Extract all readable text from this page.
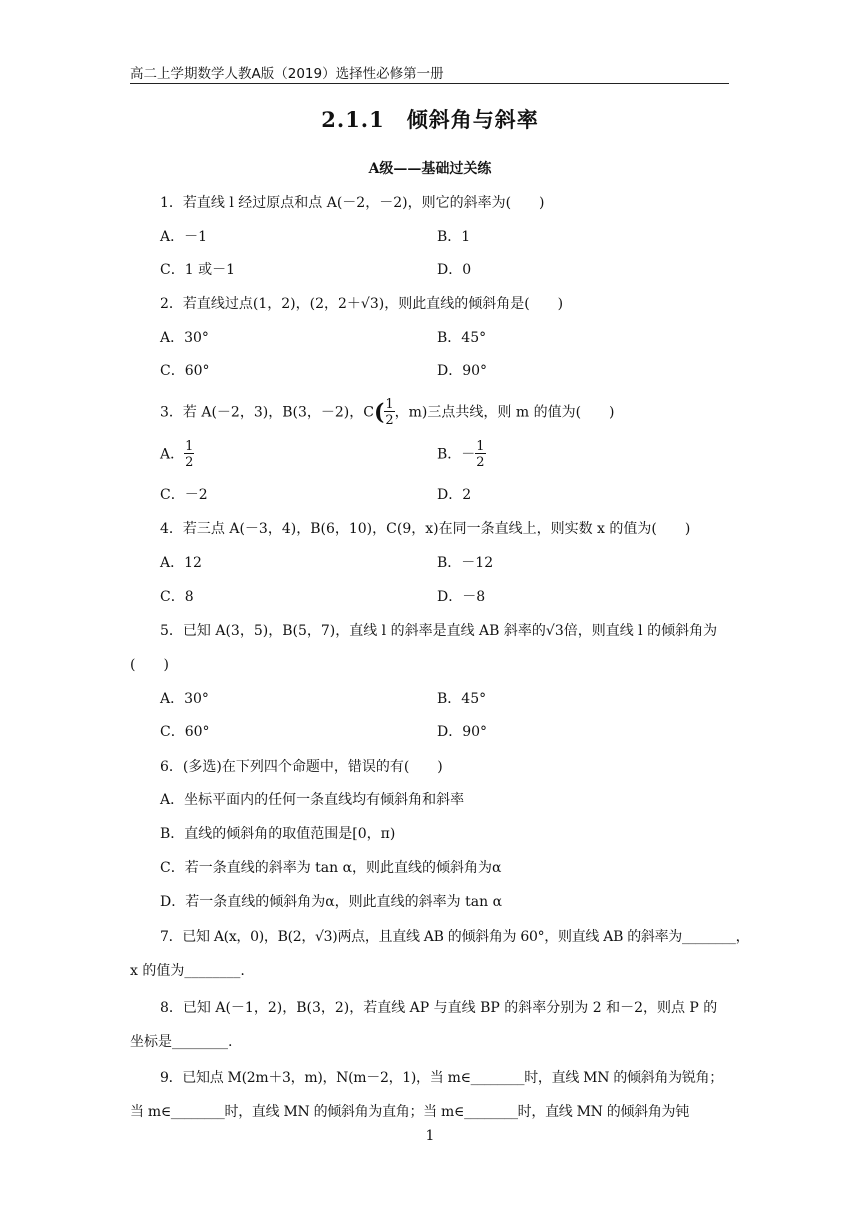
高二上学期数学人教A版（2019）选择性必修第一册
2.1.1　倾斜角与斜率
A级——基础过关练
1．若直线 l 经过原点和点 A(－2，－2)，则它的斜率为(　　)
A．－1	B．1
C．1 或－1	D．0
2．若直线过点(1，2)，(2，2＋√3)，则此直线的倾斜角是(　　)
A．30°	B．45°
C．60°	D．90°
3．若 A(－2，3)，B(3，－2)，$C( \frac{1}{2}$ ，m)三点共线，则 m 的值为(　　)
A． $\frac{1}{2}$	B．－ $\frac{1}{2}$
C．－2	D．2
4．若三点 A(－3，4)，B(6，10)，C(9，x)在同一条直线上，则实数 x 的值为(　　)
A．12	B．－12
C．8	D．－8
5．已知 A(3，5)，B(5，7)，直线 l 的斜率是直线 AB 斜率的√3倍，则直线 l 的倾斜角为
(　　)
A．30°	B．45°
C．60°	D．90°
6．(多选)在下列四个命题中，错误的有(　　)
A．坐标平面内的任何一条直线均有倾斜角和斜率
B．直线的倾斜角的取值范围是[0，π)
C．若一条直线的斜率为 tan α，则此直线的倾斜角为α
D．若一条直线的倾斜角为α，则此直线的斜率为 tan α
7．已知 A(x，0)，B(2，√3)两点，且直线 AB 的倾斜角为 60°，则直线 AB 的斜率为________，
x 的值为________.
8．已知 A(－1，2)，B(3，2)，若直线 AP 与直线 BP 的斜率分别为 2 和－2，则点 P 的
坐标是________.
9．已知点 M(2m＋3，m)，N(m－2，1)，当 m∈________时，直线 MN 的倾斜角为锐角；
当 m∈________时，直线 MN 的倾斜角为直角；当 m∈________时，直线 MN 的倾斜角为钝
1
